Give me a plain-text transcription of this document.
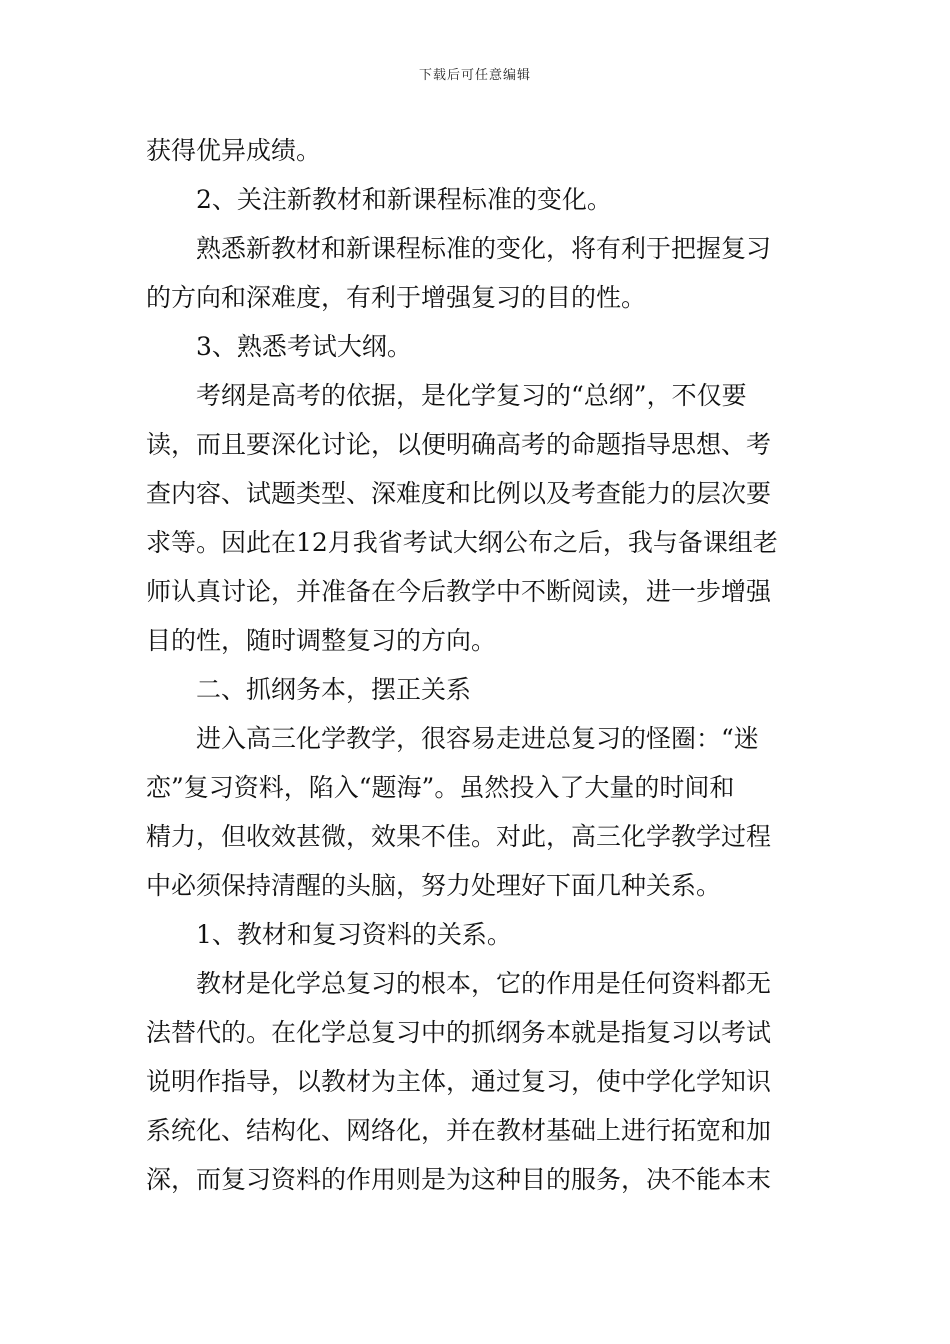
下载后可任意编辑
获得优异成绩。
2、关注新教材和新课程标准的变化。
熟悉新教材和新课程标准的变化，将有利于把握复习
的方向和深难度，有利于增强复习的目的性。
3、熟悉考试大纲。
考纲是高考的依据，是化学复习的“总纲”，不仅要
读，而且要深化讨论，以便明确高考的命题指导思想、考
查内容、试题类型、深难度和比例以及考查能力的层次要
求等。因此在12月我省考试大纲公布之后，我与备课组老
师认真讨论，并准备在今后教学中不断阅读，进一步增强
目的性，随时调整复习的方向。
二、抓纲务本，摆正关系
进入高三化学教学，很容易走进总复习的怪圈：“迷
恋”复习资料，陷入“题海”。虽然投入了大量的时间和
精力，但收效甚微，效果不佳。对此，高三化学教学过程
中必须保持清醒的头脑，努力处理好下面几种关系。
1、教材和复习资料的关系。
教材是化学总复习的根本，它的作用是任何资料都无
法替代的。在化学总复习中的抓纲务本就是指复习以考试
说明作指导，以教材为主体，通过复习，使中学化学知识
系统化、结构化、网络化，并在教材基础上进行拓宽和加
深，而复习资料的作用则是为这种目的服务，决不能本末
